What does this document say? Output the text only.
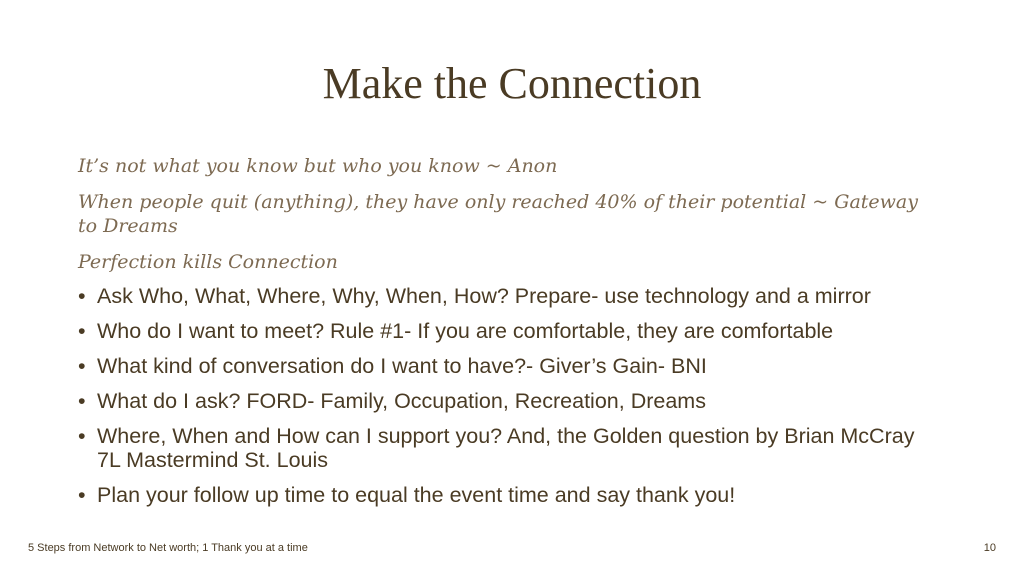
Make the Connection

It’s not what you know but who you know ~ Anon

When people quit (anything), they have only reached 40% of their potential ~ Gateway to Dreams

Perfection kills Connection

• Ask Who, What, Where, Why, When, How? Prepare- use technology and a mirror
• Who do I want to meet? Rule #1- If you are comfortable, they are comfortable
• What kind of conversation do I want to have?- Giver’s Gain- BNI
• What do I ask? FORD- Family, Occupation, Recreation, Dreams
• Where, When and How can I support you? And, the Golden question by Brian McCray 7L Mastermind St. Louis
• Plan your follow up time to equal the event time and say thank you!
5 Steps from Network to Net worth; 1 Thank you at a time	10
